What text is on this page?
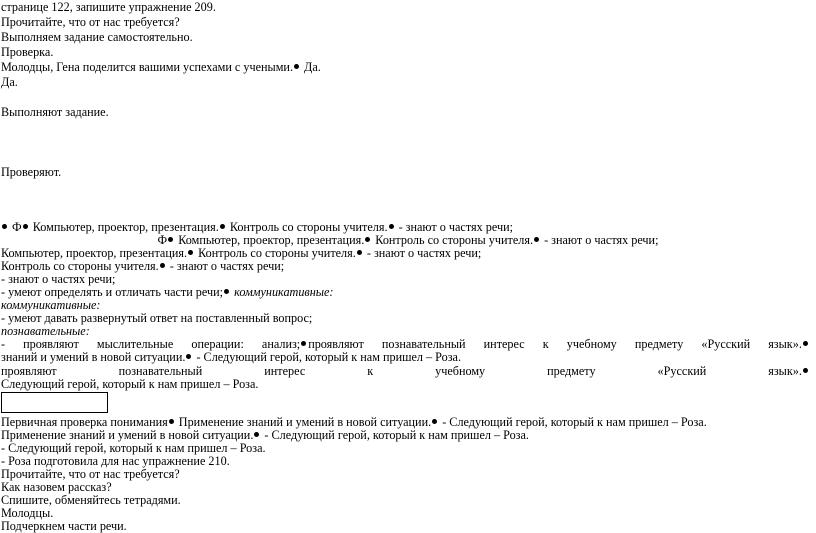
странице 122, запишите упражнение 209.
Прочитайте, что от нас требуется?
Выполняем задание самостоятельно.
Проверка.
Молодцы, Гена поделится вашими успехами с учеными. Да.
Да.
Выполняют задание.
Проверяют.
Ф Компьютер, проектор, презентация. Контроль со стороны учителя. - знают о частях речи;
Ф Компьютер, проектор, презентация. Контроль со стороны учителя. - знают о частях речи;
Компьютер, проектор, презентация. Контроль со стороны учителя. - знают о частях речи;
Контроль со стороны учителя. - знают о частях речи;
- знают о частях речи;
- умеют определять и отличать части речи; коммуникативные:
коммуникативные:
- умеют давать развернутый ответ на поставленный вопрос;
познавательные:
- проявляют мыслительные операции: анализ; проявляют познавательный интерес к учебному предмету «Русский язык».
знаний и умений в новой ситуации. - Следующий герой, который к нам пришел – Роза.
проявляют	познавательный	интерес	к	учебному	предмету	«Русский	язык».
Следующий герой, который к нам пришел – Роза.
Первичная проверка понимания Применение знаний и умений в новой ситуации. - Следующий герой, который к нам пришел – Роза.
Применение знаний и умений в новой ситуации. - Следующий герой, который к нам пришел – Роза.
- Следующий герой, который к нам пришел – Роза.
- Роза подготовила для нас упражнение 210.
Прочитайте, что от нас требуется?
Как назовем рассказ?
Спишите, обменяйтесь тетрадями.
Молодцы.
Подчеркнем части речи.
